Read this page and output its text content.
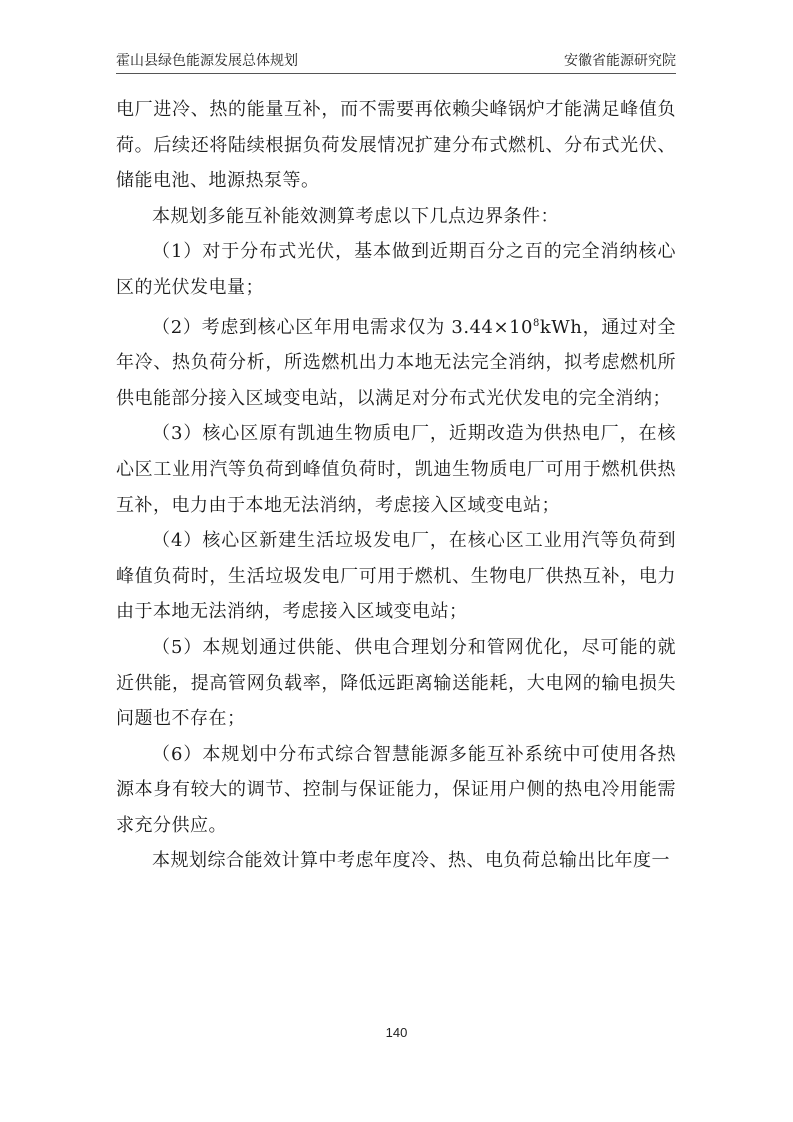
霍山县绿色能源发展总体规划	安徽省能源研究院

电厂进冷、热的能量互补，而不需要再依赖尖峰锅炉才能满足峰值负荷。后续还将陆续根据负荷发展情况扩建分布式燃机、分布式光伏、储能电池、地源热泵等。

本规划多能互补能效测算考虑以下几点边界条件：

（1）对于分布式光伏，基本做到近期百分之百的完全消纳核心区的光伏发电量；

（2）考虑到核心区年用电需求仅为 $3.44\times 10^8kWh$，通过对全年冷、热负荷分析，所选燃机出力本地无法完全消纳，拟考虑燃机所供电能部分接入区域变电站，以满足对分布式光伏发电的完全消纳；

（3）核心区原有凯迪生物质电厂，近期改造为供热电厂，在核心区工业用汽等负荷到峰值负荷时，凯迪生物质电厂可用于燃机供热互补，电力由于本地无法消纳，考虑接入区域变电站；

（4）核心区新建生活垃圾发电厂，在核心区工业用汽等负荷到峰值负荷时，生活垃圾发电厂可用于燃机、生物电厂供热互补，电力由于本地无法消纳，考虑接入区域变电站；

（5）本规划通过供能、供电合理划分和管网优化，尽可能的就近供能，提高管网负载率，降低远距离输送能耗，大电网的输电损失问题也不存在；

（6）本规划中分布式综合智慧能源多能互补系统中可使用各热源本身有较大的调节、控制与保证能力，保证用户侧的热电冷用能需求充分供应。

本规划综合能效计算中考虑年度冷、热、电负荷总输出比年度一

140
